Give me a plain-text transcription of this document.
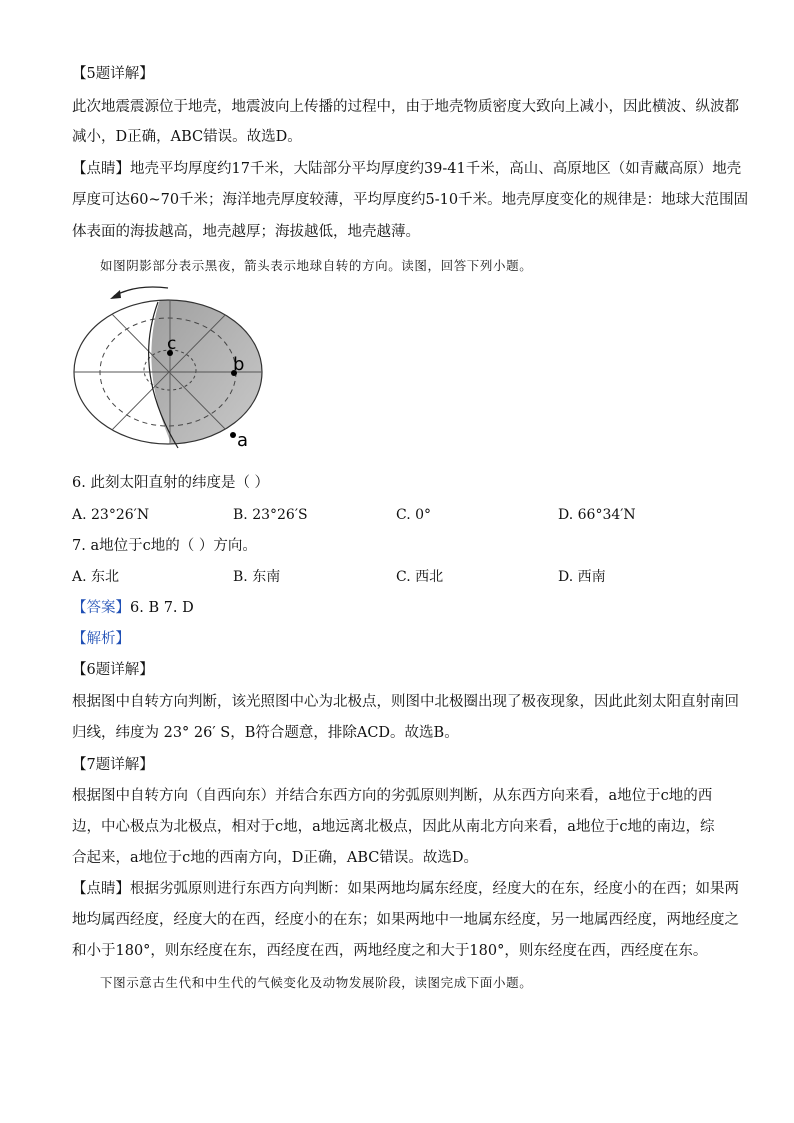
【5题详解】
此次地震震源位于地壳，地震波向上传播的过程中，由于地壳物质密度大致向上减小，因此横波、纵波都
减小，D正确，ABC错误。故选D。
【点睛】地壳平均厚度约17千米，大陆部分平均厚度约39-41千米，高山、高原地区（如青藏高原）地壳
厚度可达60~70千米；海洋地壳厚度较薄，平均厚度约5-10千米。地壳厚度变化的规律是：地球大范围固
体表面的海拔越高，地壳越厚；海拔越低，地壳越薄。
如图阴影部分表示黑夜，箭头表示地球自转的方向。读图，回答下列小题。
c
b
a
6. 此刻太阳直射的纬度是（ ）
A. 23°26′N	B. 23°26′S	C. 0°	D. 66°34′N
7. a地位于c地的（ ）方向。
A. 东北	B. 东南	C. 西北	D. 西南
【答案】6. B 7. D
【解析】
【6题详解】
根据图中自转方向判断，该光照图中心为北极点，则图中北极圈出现了极夜现象，因此此刻太阳直射南回
归线，纬度为 23° 26′ S，B符合题意，排除ACD。故选B。
【7题详解】
根据图中自转方向（自西向东）并结合东西方向的劣弧原则判断，从东西方向来看，a地位于c地的西
边，中心极点为北极点，相对于c地，a地远离北极点，因此从南北方向来看，a地位于c地的南边，综
合起来，a地位于c地的西南方向，D正确，ABC错误。故选D。
【点睛】根据劣弧原则进行东西方向判断：如果两地均属东经度，经度大的在东，经度小的在西；如果两
地均属西经度，经度大的在西，经度小的在东；如果两地中一地属东经度，另一地属西经度，两地经度之
和小于180°，则东经度在东，西经度在西，两地经度之和大于180°，则东经度在西，西经度在东。
下图示意古生代和中生代的气候变化及动物发展阶段，读图完成下面小题。
